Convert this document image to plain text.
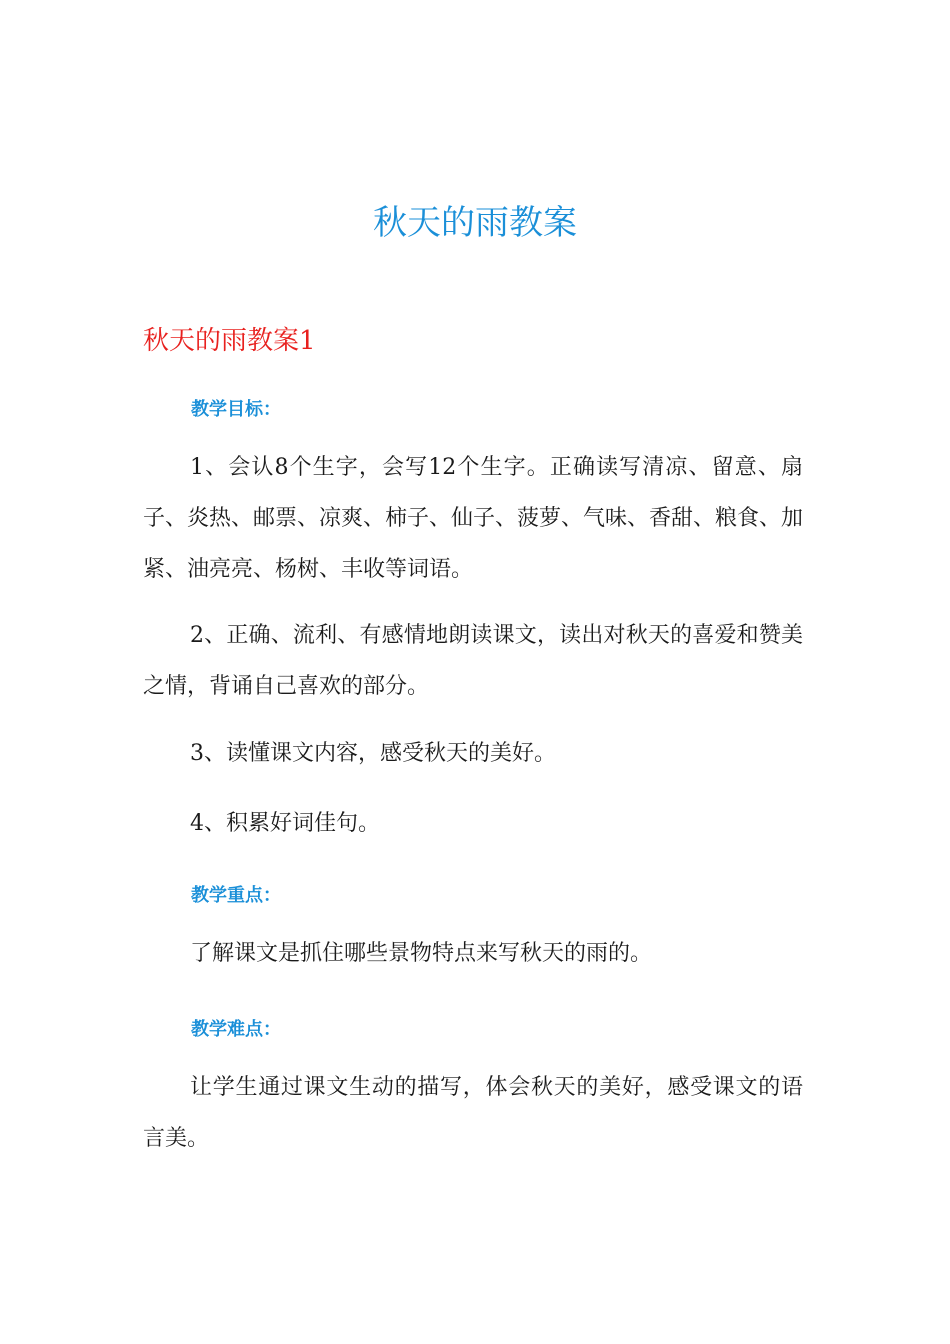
秋天的雨教案
秋天的雨教案1
教学目标：

1、会认8个生字，会写12个生字。正确读写清凉、留意、扇子、炎热、邮票、凉爽、柿子、仙子、菠萝、气味、香甜、粮食、加紧、油亮亮、杨树、丰收等词语。

2、正确、流利、有感情地朗读课文，读出对秋天的喜爱和赞美之情，背诵自己喜欢的部分。

3、读懂课文内容，感受秋天的美好。

4、积累好词佳句。

教学重点：

了解课文是抓住哪些景物特点来写秋天的雨的。

教学难点：

让学生通过课文生动的描写，体会秋天的美好，感受课文的语言美。
